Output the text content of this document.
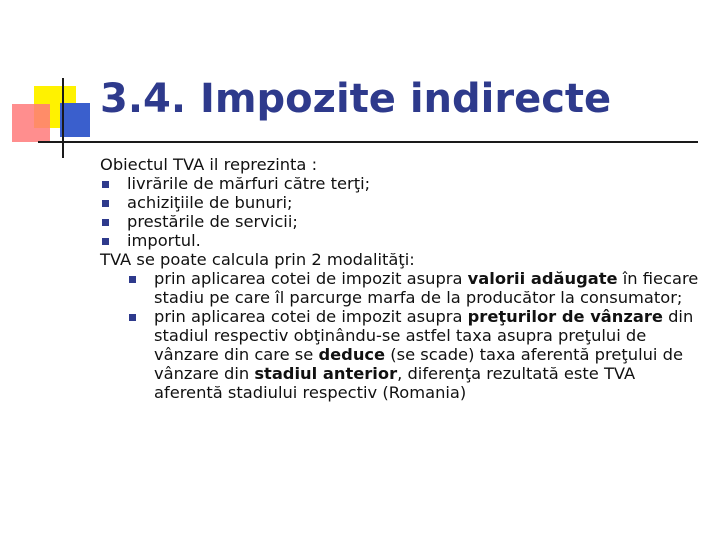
3.4. Impozite indirecte
Obiectul TVA il reprezinta :
livrările de mărfuri către terţi;
achiziţiile de bunuri;
prestările de servicii;
importul.
TVA se poate calcula prin 2 modalităţi:
prin aplicarea cotei de impozit asupra valorii adăugate în fiecare stadiu pe care îl parcurge marfa de la producător la consumator;
prin aplicarea cotei de impozit asupra preţurilor de vânzare din stadiul respectiv obţinându-se astfel taxa asupra preţului de vânzare din care se deduce (se scade) taxa aferentă preţului de vânzare din stadiul anterior, diferenţa rezultată este TVA aferentă stadiului respectiv (Romania)
